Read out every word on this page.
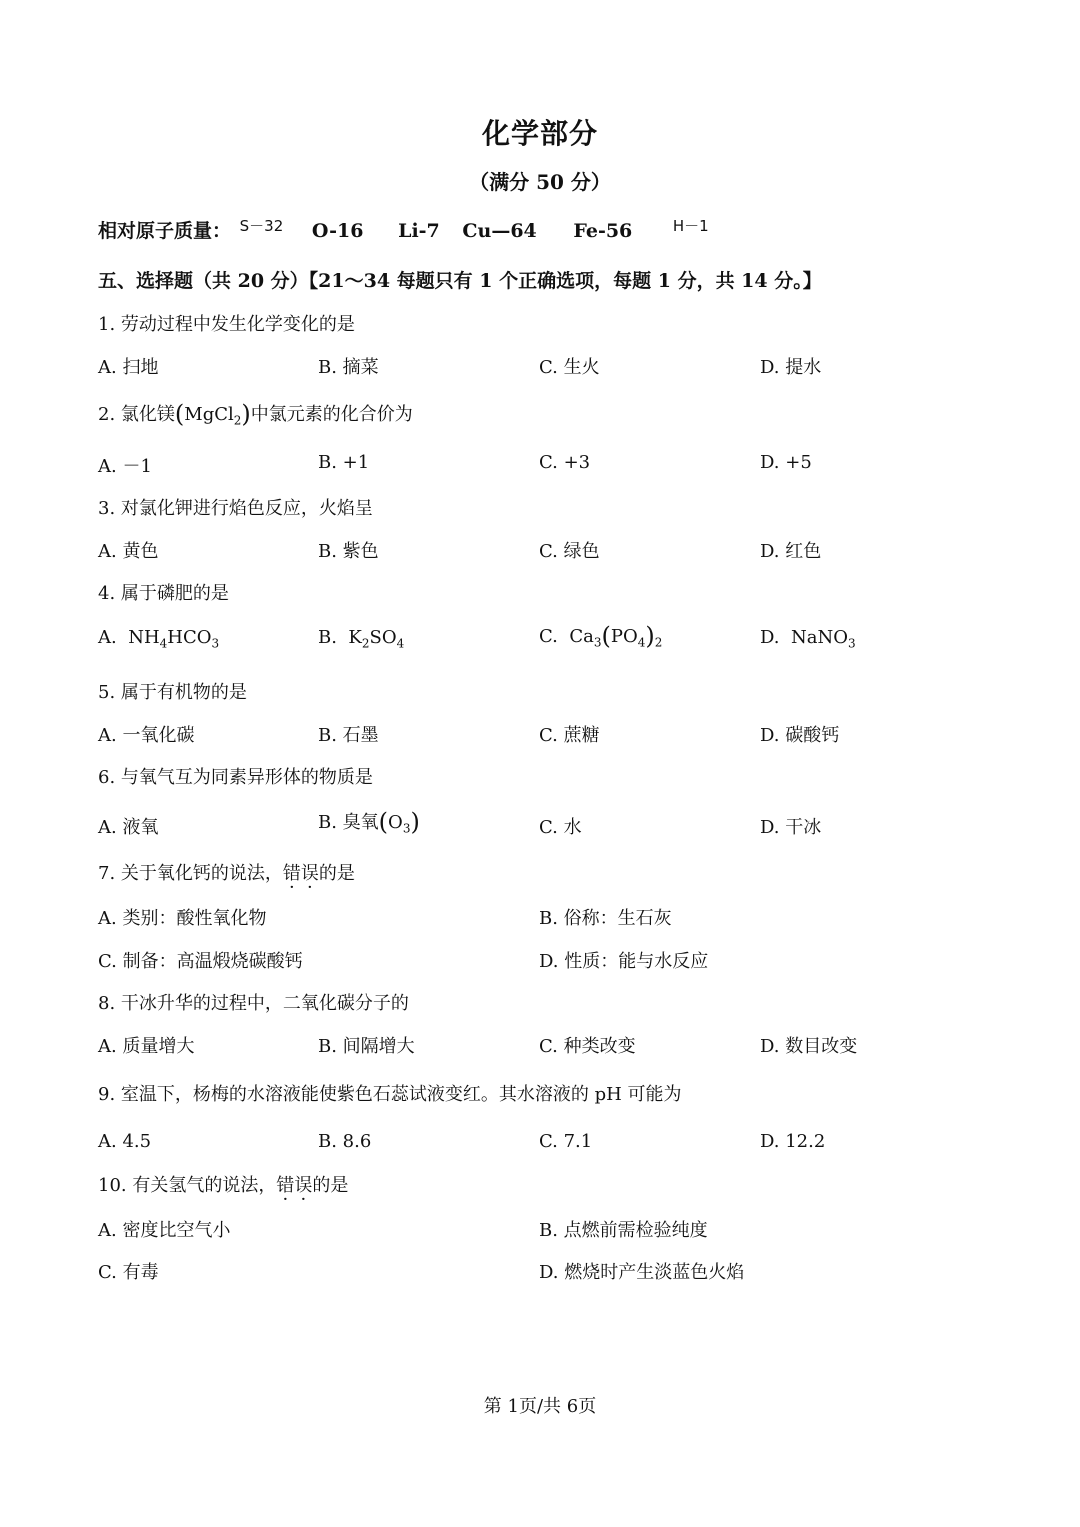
化学部分
（满分 50 分）
相对原子质量： S－32 O-16 Li-7 Cu—64 Fe-56	H－1
五、选择题（共 20 分）【21～34 每题只有 1 个正确选项，每题 1 分，共 14 分。】
1. 劳动过程中发生化学变化的是
A. 扫地	B. 摘菜	C. 生火	D. 提水
2. 氯化镁(MgCl$_2$)中氯元素的化合价为
A. －1	B. +1	C. +3	D. +5
3. 对氯化钾进行焰色反应，火焰呈
A. 黄色	B. 紫色	C. 绿色	D. 红色
4. 属于磷肥的是
A. $NH_4HCO_3$	B. $K_2SO_4$	C. $Ca_3(PO_4)_2$	D. NaNO$_3$
5. 属于有机物的是
A. 一氧化碳	B. 石墨	C. 蔗糖	D. 碳酸钙
6. 与氧气互为同素异形体的物质是
A. 液氧	B. 臭氧$(O_3)$	C. 水	D. 干冰
7. 关于氧化钙的说法，错误的是
A. 类别：酸性氧化物	B. 俗称：生石灰
C. 制备：高温煅烧碳酸钙	D. 性质：能与水反应
8. 干冰升华的过程中，二氧化碳分子的
A. 质量增大	B. 间隔增大	C. 种类改变	D. 数目改变
9. 室温下，杨梅的水溶液能使紫色石蕊试液变红。其水溶液的 pH 可能为
A. 4.5	B. 8.6	C. 7.1	D. 12.2
10. 有关氢气的说法，错误的是
A. 密度比空气小	B. 点燃前需检验纯度
C. 有毒	D. 燃烧时产生淡蓝色火焰
第 1页/共 6页
